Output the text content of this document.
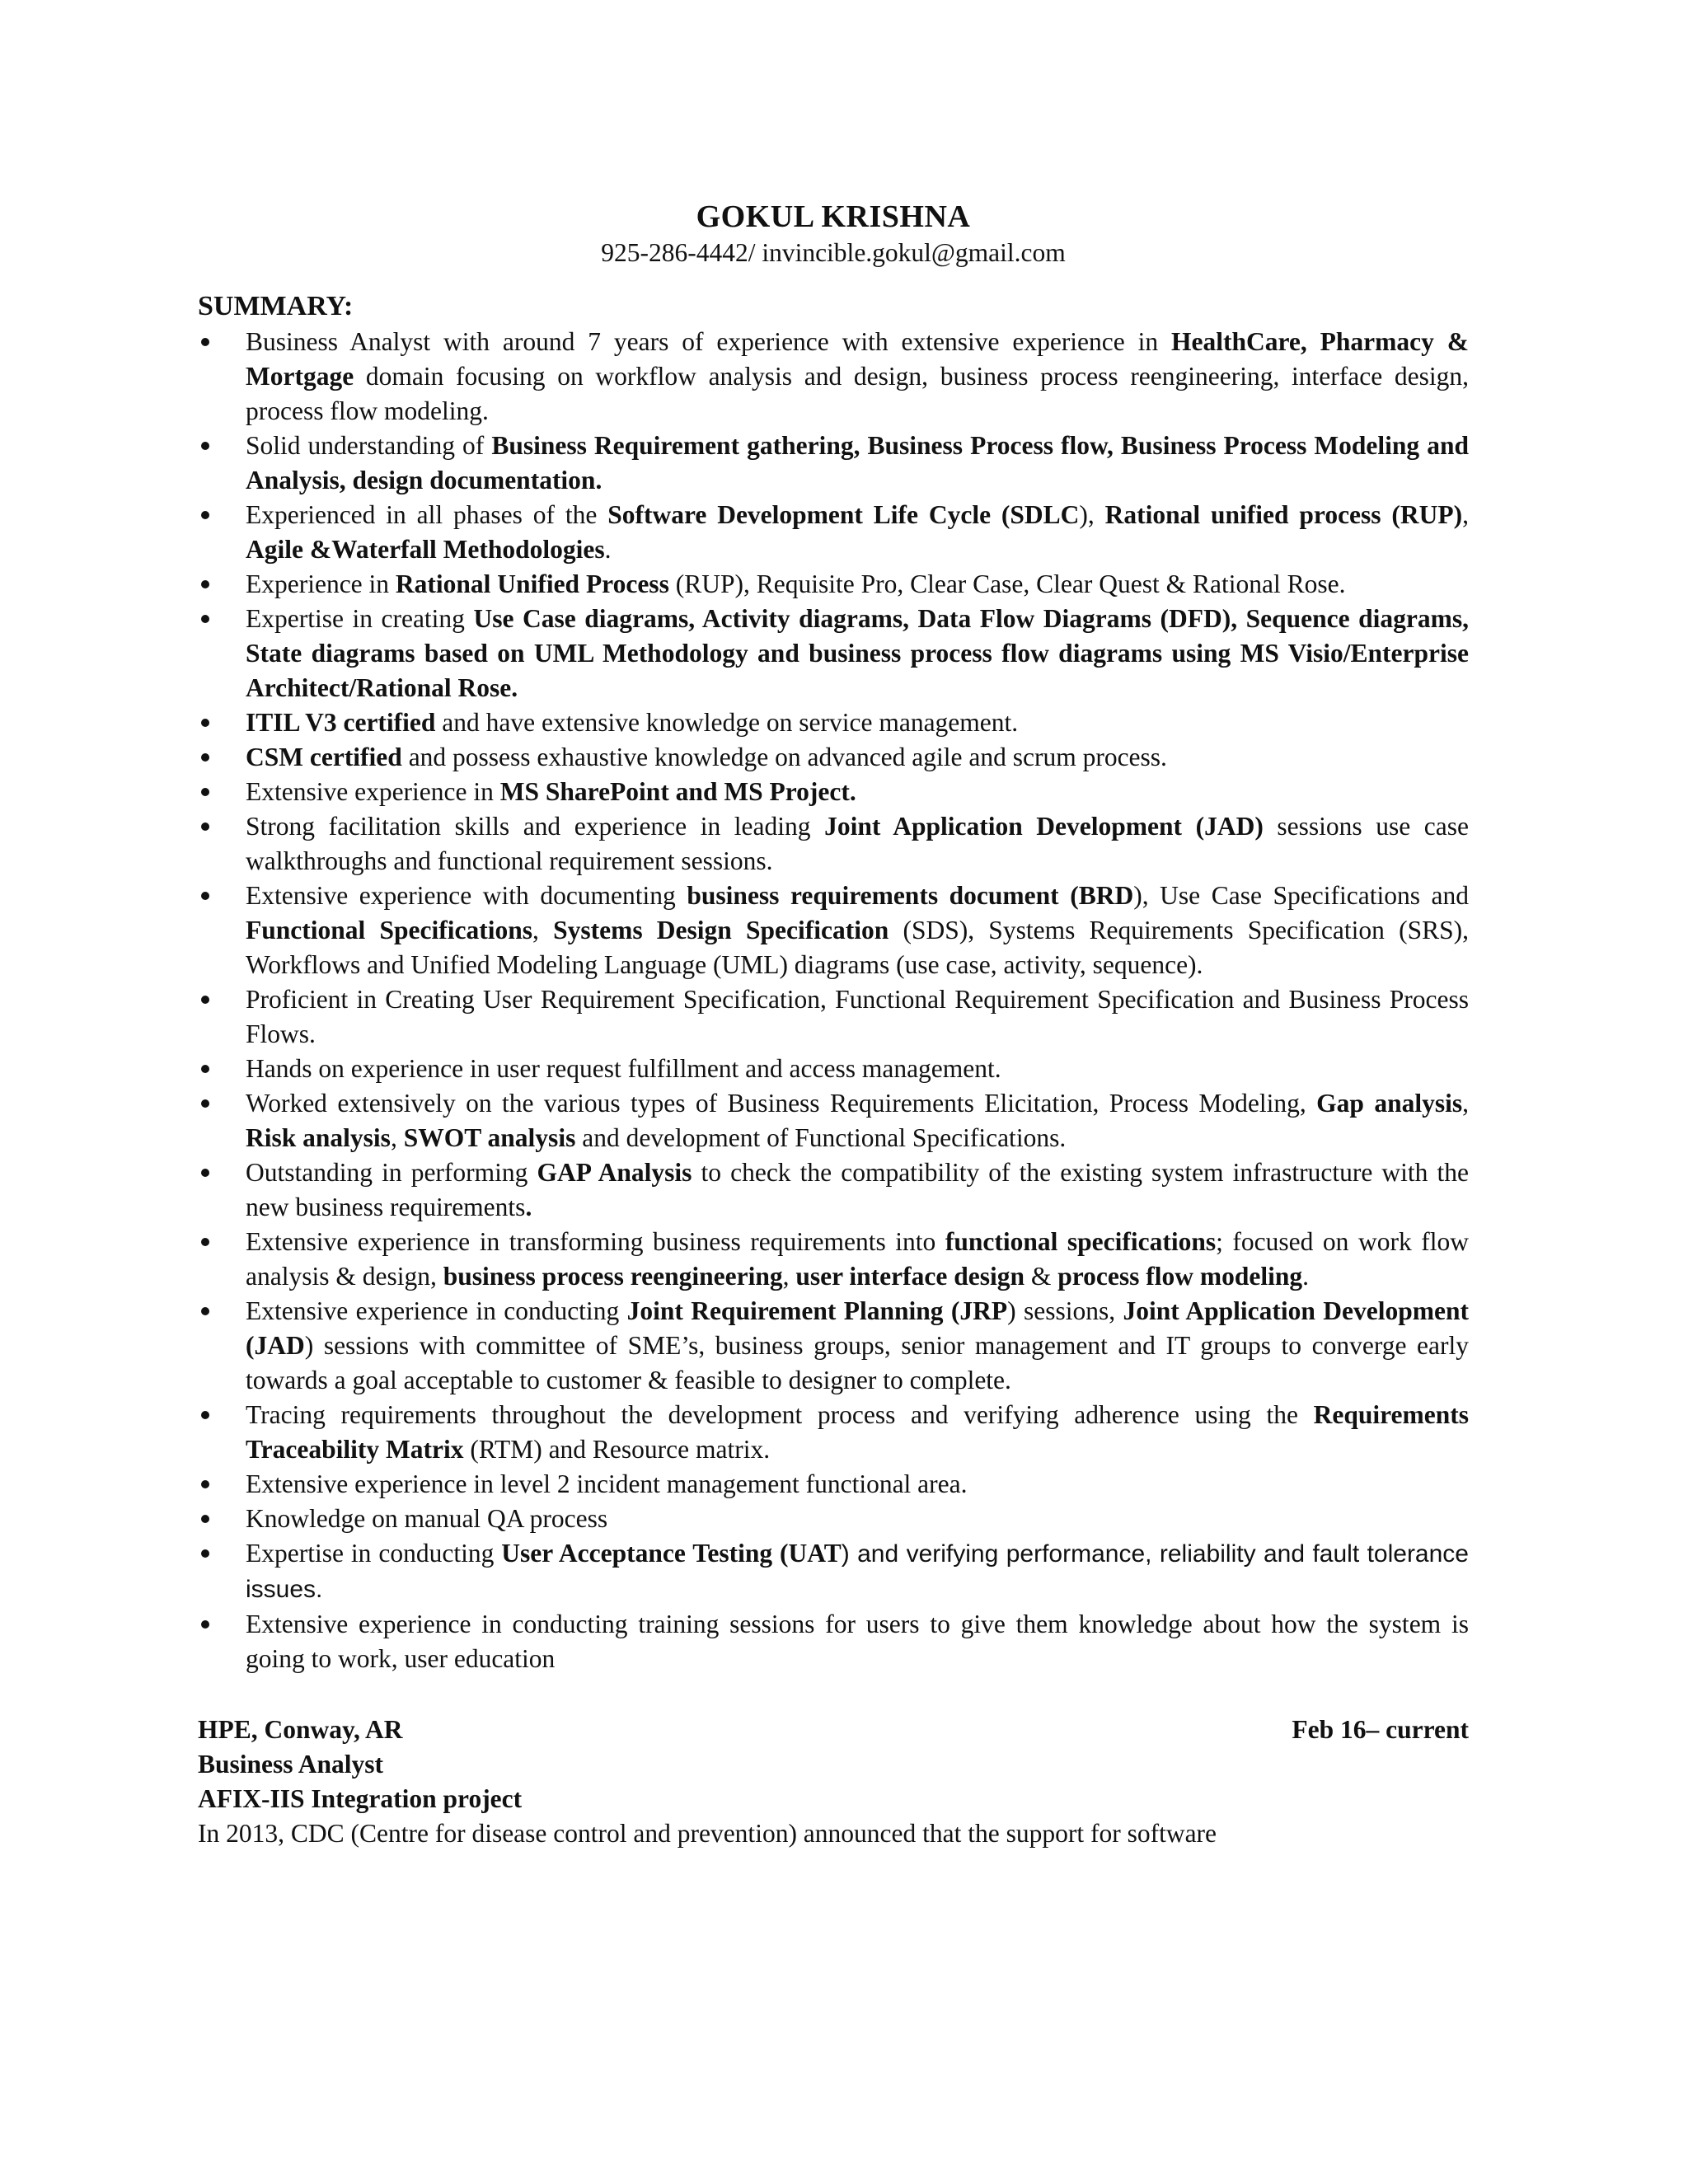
GOKUL KRISHNA
925-286-4442/ invincible.gokul@gmail.com
SUMMARY:
Business Analyst with around 7 years of experience with extensive experience in HealthCare, Pharmacy & Mortgage domain focusing on workflow analysis and design, business process reengineering, interface design, process flow modeling.
Solid understanding of Business Requirement gathering, Business Process flow, Business Process Modeling and Analysis, design documentation.
Experienced in all phases of the Software Development Life Cycle (SDLC), Rational unified process (RUP), Agile &Waterfall Methodologies.
Experience in Rational Unified Process (RUP), Requisite Pro, Clear Case, Clear Quest & Rational Rose.
Expertise in creating Use Case diagrams, Activity diagrams, Data Flow Diagrams (DFD), Sequence diagrams, State diagrams based on UML Methodology and business process flow diagrams using MS Visio/Enterprise Architect/Rational Rose.
ITIL V3 certified and have extensive knowledge on service management.
CSM certified and possess exhaustive knowledge on advanced agile and scrum process.
Extensive experience in MS SharePoint and MS Project.
Strong facilitation skills and experience in leading Joint Application Development (JAD) sessions use case walkthroughs and functional requirement sessions.
Extensive experience with documenting business requirements document (BRD), Use Case Specifications and Functional Specifications, Systems Design Specification (SDS), Systems Requirements Specification (SRS), Workflows and Unified Modeling Language (UML) diagrams (use case, activity, sequence).
Proficient in Creating User Requirement Specification, Functional Requirement Specification and Business Process Flows.
Hands on experience in user request fulfillment and access management.
Worked extensively on the various types of Business Requirements Elicitation, Process Modeling, Gap analysis, Risk analysis, SWOT analysis and development of Functional Specifications.
Outstanding in performing GAP Analysis to check the compatibility of the existing system infrastructure with the new business requirements.
Extensive experience in transforming business requirements into functional specifications; focused on work flow analysis & design, business process reengineering, user interface design & process flow modeling.
Extensive experience in conducting Joint Requirement Planning (JRP) sessions, Joint Application Development (JAD) sessions with committee of SME’s, business groups, senior management and IT groups to converge early towards a goal acceptable to customer & feasible to designer to complete.
Tracing requirements throughout the development process and verifying adherence using the Requirements Traceability Matrix (RTM) and Resource matrix.
Extensive experience in level 2 incident management functional area.
Knowledge on manual QA process
Expertise in conducting User Acceptance Testing (UAT) and verifying performance, reliability and fault tolerance issues.
Extensive experience in conducting training sessions for users to give them knowledge about how the system is going to work, user education
HPE, Conway, AR	Feb 16– current
Business Analyst
AFIX-IIS Integration project
In 2013, CDC (Centre for disease control and prevention) announced that the support for software
